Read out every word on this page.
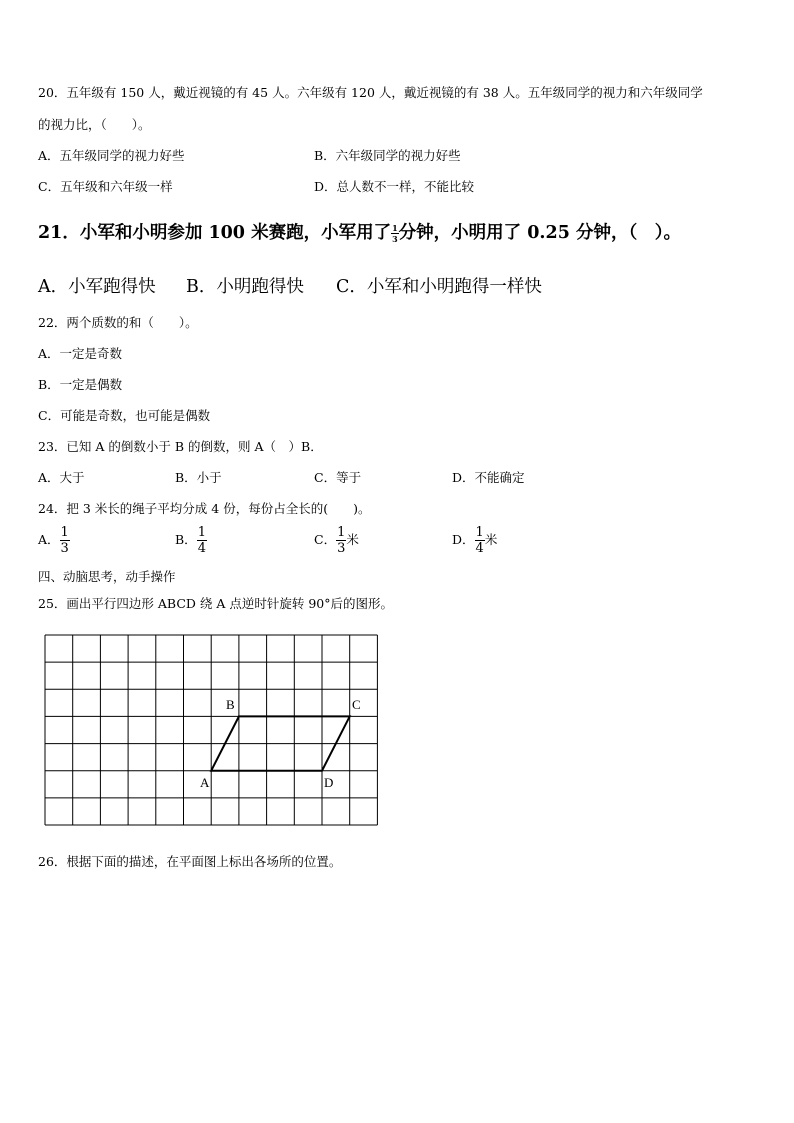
20．五年级有 150 人，戴近视镜的有 45 人。六年级有 120 人，戴近视镜的有 38 人。五年级同学的视力和六年级同学
的视力比，（　　）。
A．五年级同学的视力好些	B．六年级同学的视力好些
C．五年级和六年级一样	D．总人数不一样，不能比较
21．小军和小明参加 100 米赛跑，小军用了 $\frac{1}{3}$ 分钟，小明用了 0.25 分钟，（　）。
A．小军跑得快 B．小明跑得快 C．小军和小明跑得一样快
22．两个质数的和（　　）。
A．一定是奇数
B．一定是偶数
C．可能是奇数，也可能是偶数
23．已知 A 的倒数小于 B 的倒数，则 A（　）B．
A．大于	B．小于	C．等于	D．不能确定
24．把 3 米长的绳子平均分成 4 份，每份占全长的(　　)。
A． $\frac{1}{3}$	B． $\frac{1}{4}$	C． $\frac{1}{3}$ 米	D． $\frac{1}{4}$ 米
四、动脑思考，动手操作
25．画出平行四边形 ABCD 绕 A 点逆时针旋转 90°后的图形。
B	C
A	D
26．根据下面的描述，在平面图上标出各场所的位置。
